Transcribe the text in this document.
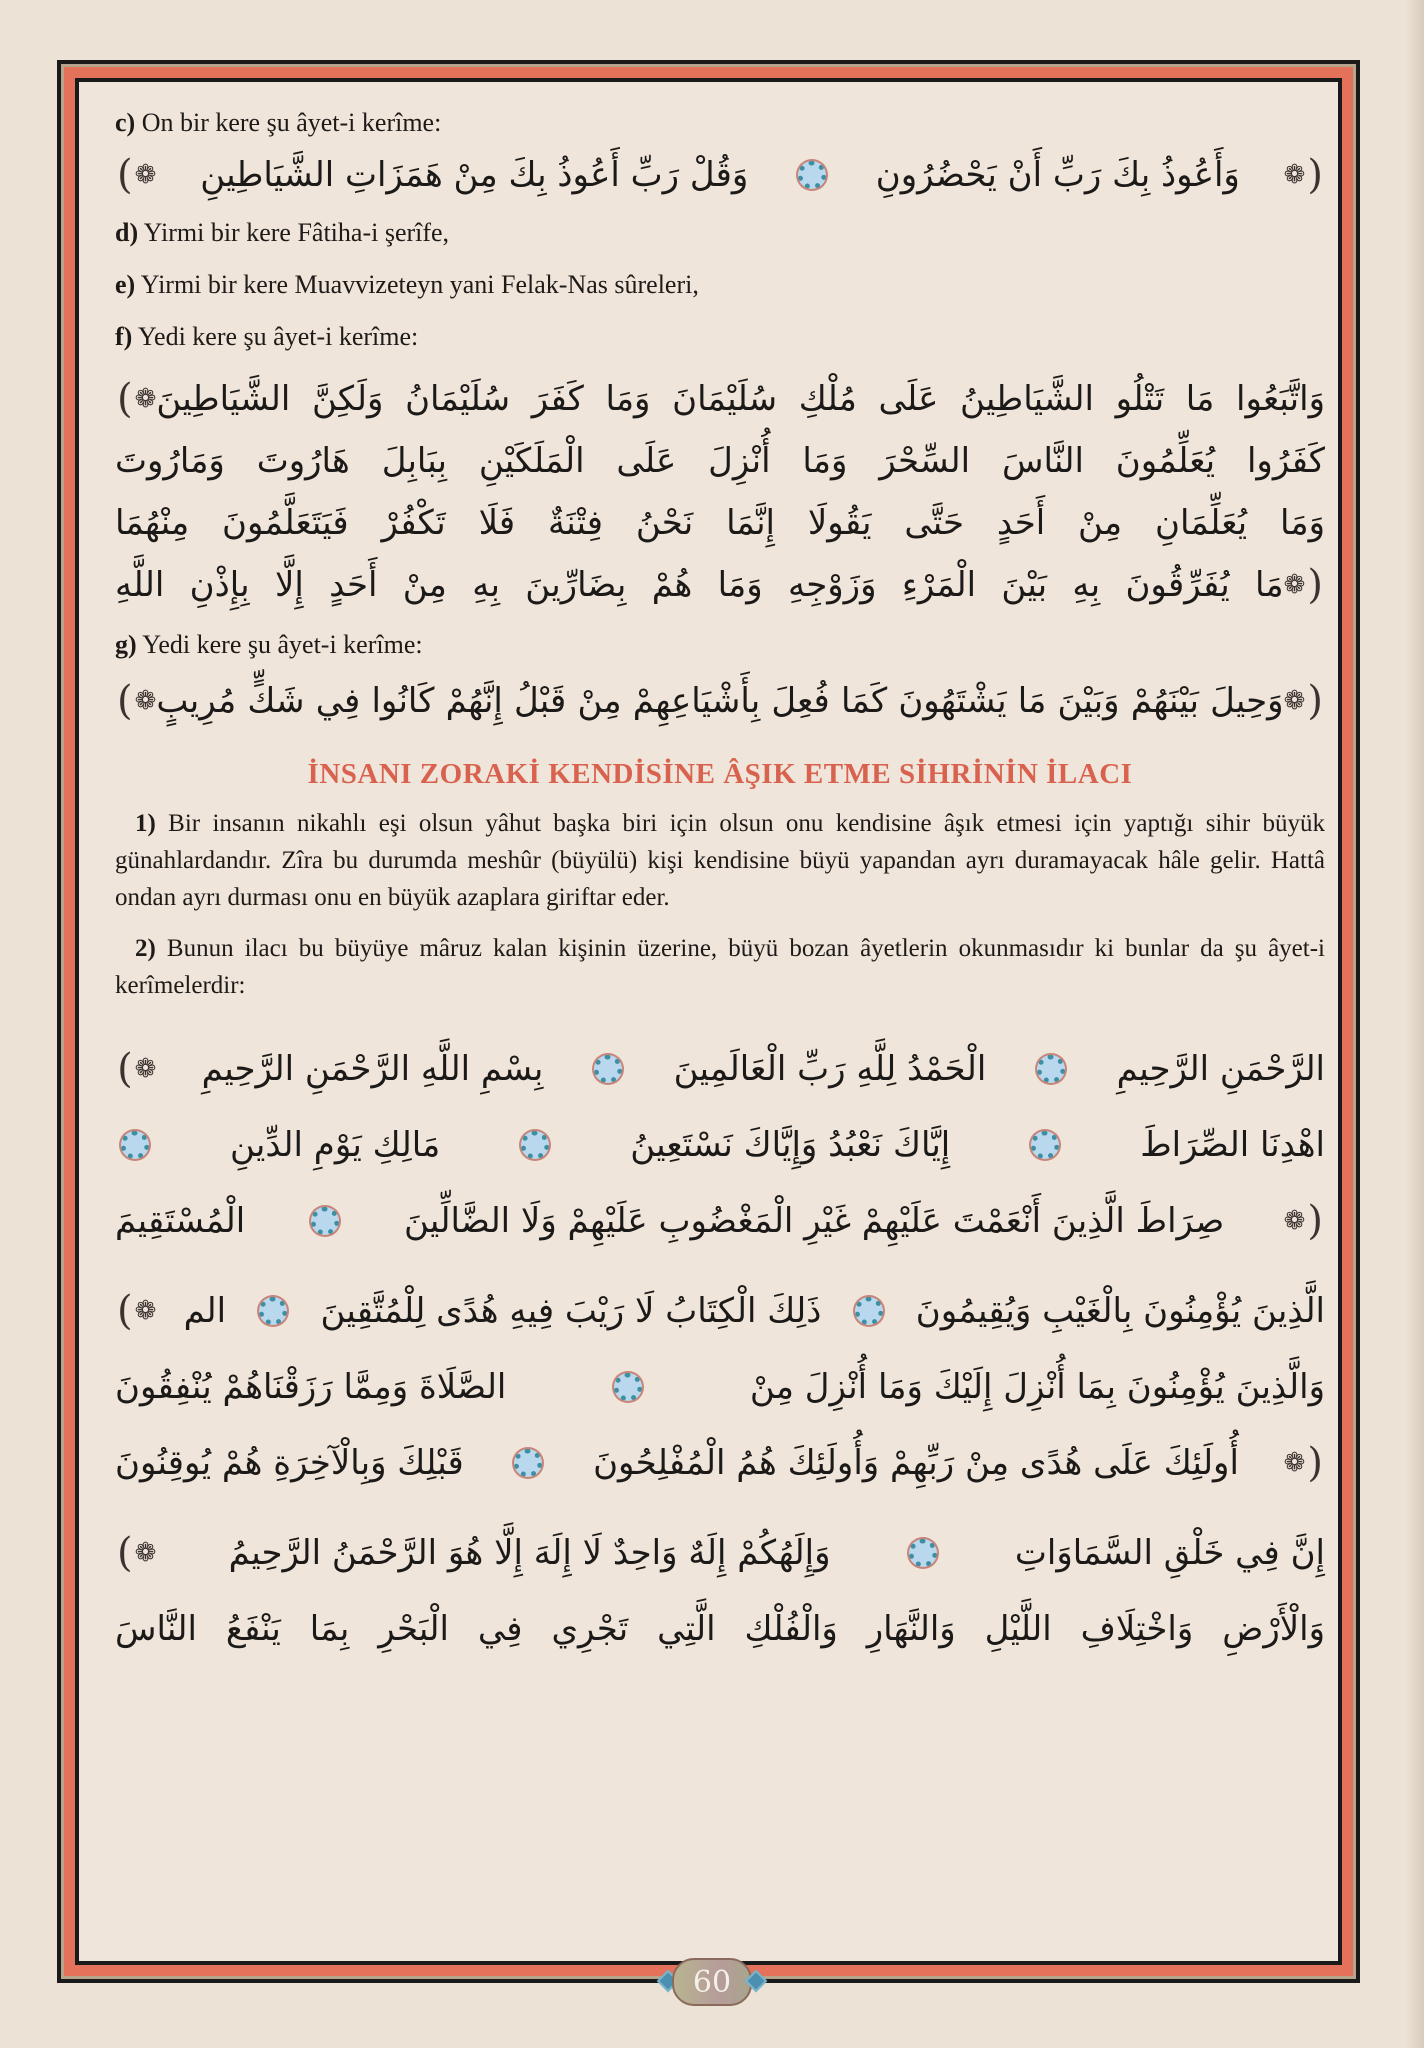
c) On bir kere şu âyet-i kerîme:

❁
) وَقُلْ رَبِّ أَعُوذُ بِكَ مِنْ هَمَزَاتِ الشَّيَاطِينِ	وَأَعُوذُ بِكَ رَبِّ أَنْ يَحْضُرُونِ (
❁

d) Yirmi bir kere Fâtiha-i şerîfe,

e) Yirmi bir kere Muavvizeteyn yani Felak-Nas sûreleri,

f) Yedi kere şu âyet-i kerîme:

❁
) وَاتَّبَعُوا مَا تَتْلُو الشَّيَاطِينُ عَلَى مُلْكِ سُلَيْمَانَ وَمَا كَفَرَ سُلَيْمَانُ وَلَكِنَّ الشَّيَاطِينَ
كَفَرُوا يُعَلِّمُونَ النَّاسَ السِّحْرَ وَمَا أُنْزِلَ عَلَى الْمَلَكَيْنِ بِبَابِلَ هَارُوتَ وَمَارُوتَ
وَمَا يُعَلِّمَانِ مِنْ أَحَدٍ حَتَّى يَقُولَا إِنَّمَا نَحْنُ فِتْنَةٌ فَلَا تَكْفُرْ فَيَتَعَلَّمُونَ مِنْهُمَا
مَا يُفَرِّقُونَ بِهِ بَيْنَ الْمَرْءِ وَزَوْجِهِ وَمَا هُمْ بِضَارِّينَ بِهِ مِنْ أَحَدٍ إِلَّا بِإِذْنِ اللَّهِ (
❁

g) Yedi kere şu âyet-i kerîme:

❁
) وَحِيلَ بَيْنَهُمْ وَبَيْنَ مَا يَشْتَهُونَ كَمَا فُعِلَ بِأَشْيَاعِهِمْ مِنْ قَبْلُ إِنَّهُمْ كَانُوا فِي شَكٍّ مُرِيبٍ (
❁
İNSANI ZORAKİ KENDİSİNE ÂŞIK ETME SİHRİNİN İLACI

1) Bir insanın nikahlı eşi olsun yâhut başka biri için olsun onu kendisine âşık etmesi için yaptığı sihir büyük günahlardandır. Zîra bu durumda meshûr (büyülü) kişi kendisine büyü yapandan ayrı duramayacak hâle gelir. Hattâ ondan ayrı durması onu en büyük azaplara giriftar eder.

2) Bunun ilacı bu büyüye mâruz kalan kişinin üzerine, büyü bozan âyetlerin okunmasıdır ki bunlar da şu âyet-i kerîmelerdir:

❁
) بِسْمِ اللَّهِ الرَّحْمَنِ الرَّحِيمِ	الْحَمْدُ لِلَّهِ رَبِّ الْعَالَمِينَ	الرَّحْمَنِ الرَّحِيمِ
مَالِكِ يَوْمِ الدِّينِ	إِيَّاكَ نَعْبُدُ وَإِيَّاكَ نَسْتَعِينُ	اهْدِنَا الصِّرَاطَ
الْمُسْتَقِيمَ	صِرَاطَ الَّذِينَ أَنْعَمْتَ عَلَيْهِمْ غَيْرِ الْمَغْضُوبِ عَلَيْهِمْ وَلَا الضَّالِّينَ (
❁
❁
) الم	ذَلِكَ الْكِتَابُ لَا رَيْبَ فِيهِ هُدًى لِلْمُتَّقِينَ	الَّذِينَ يُؤْمِنُونَ بِالْغَيْبِ وَيُقِيمُونَ
الصَّلَاةَ وَمِمَّا رَزَقْنَاهُمْ يُنْفِقُونَ	وَالَّذِينَ يُؤْمِنُونَ بِمَا أُنْزِلَ إِلَيْكَ وَمَا أُنْزِلَ مِنْ
قَبْلِكَ وَبِالْآخِرَةِ هُمْ يُوقِنُونَ	أُولَئِكَ عَلَى هُدًى مِنْ رَبِّهِمْ وَأُولَئِكَ هُمُ الْمُفْلِحُونَ (
❁
❁
)	وَإِلَهُكُمْ إِلَهٌ وَاحِدٌ لَا إِلَهَ إِلَّا هُوَ الرَّحْمَنُ الرَّحِيمُ	إِنَّ فِي خَلْقِ السَّمَاوَاتِ
وَالْأَرْضِ وَاخْتِلَافِ اللَّيْلِ وَالنَّهَارِ وَالْفُلْكِ الَّتِي تَجْرِي فِي الْبَحْرِ بِمَا يَنْفَعُ النَّاسَ
60
